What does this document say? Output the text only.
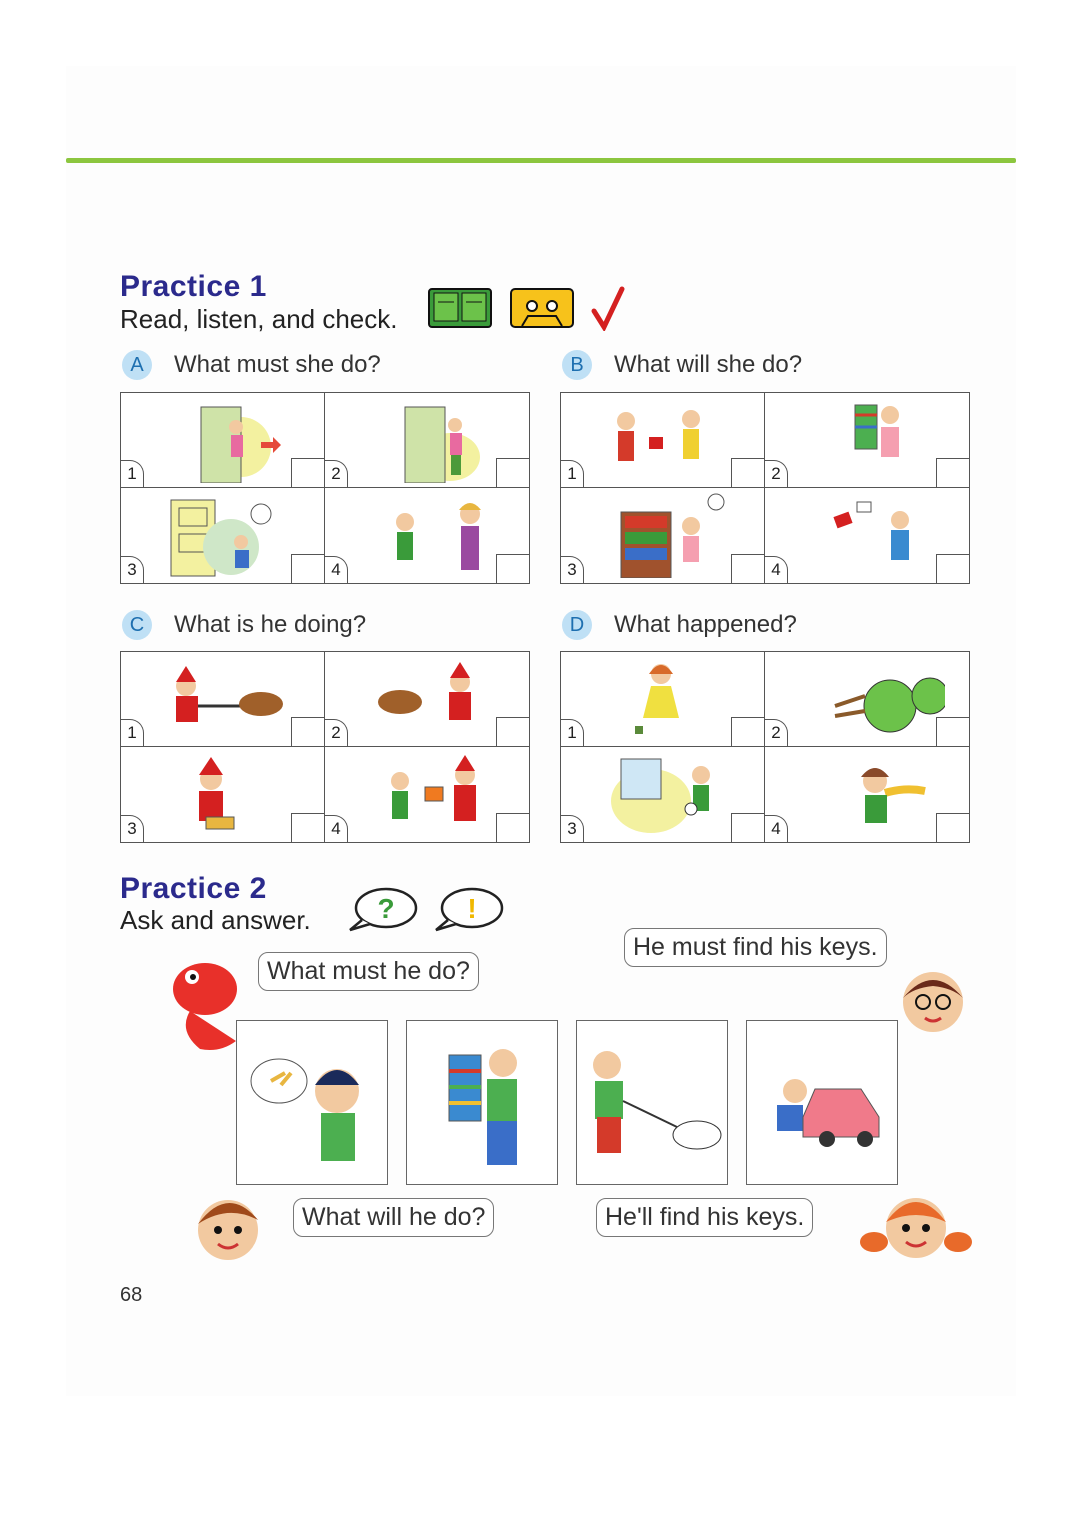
Practice 1
Read, listen, and check.
A	What must she do?
1	2
3	4
B	What will she do?
1	2
3	4
C	What is he doing?
1	2
3	4
D	What happened?
1	2
3	4
Practice 2
Ask and answer. ?	!
What must he do?
He must find his keys.
What will he do?	He'll find his keys.
68
